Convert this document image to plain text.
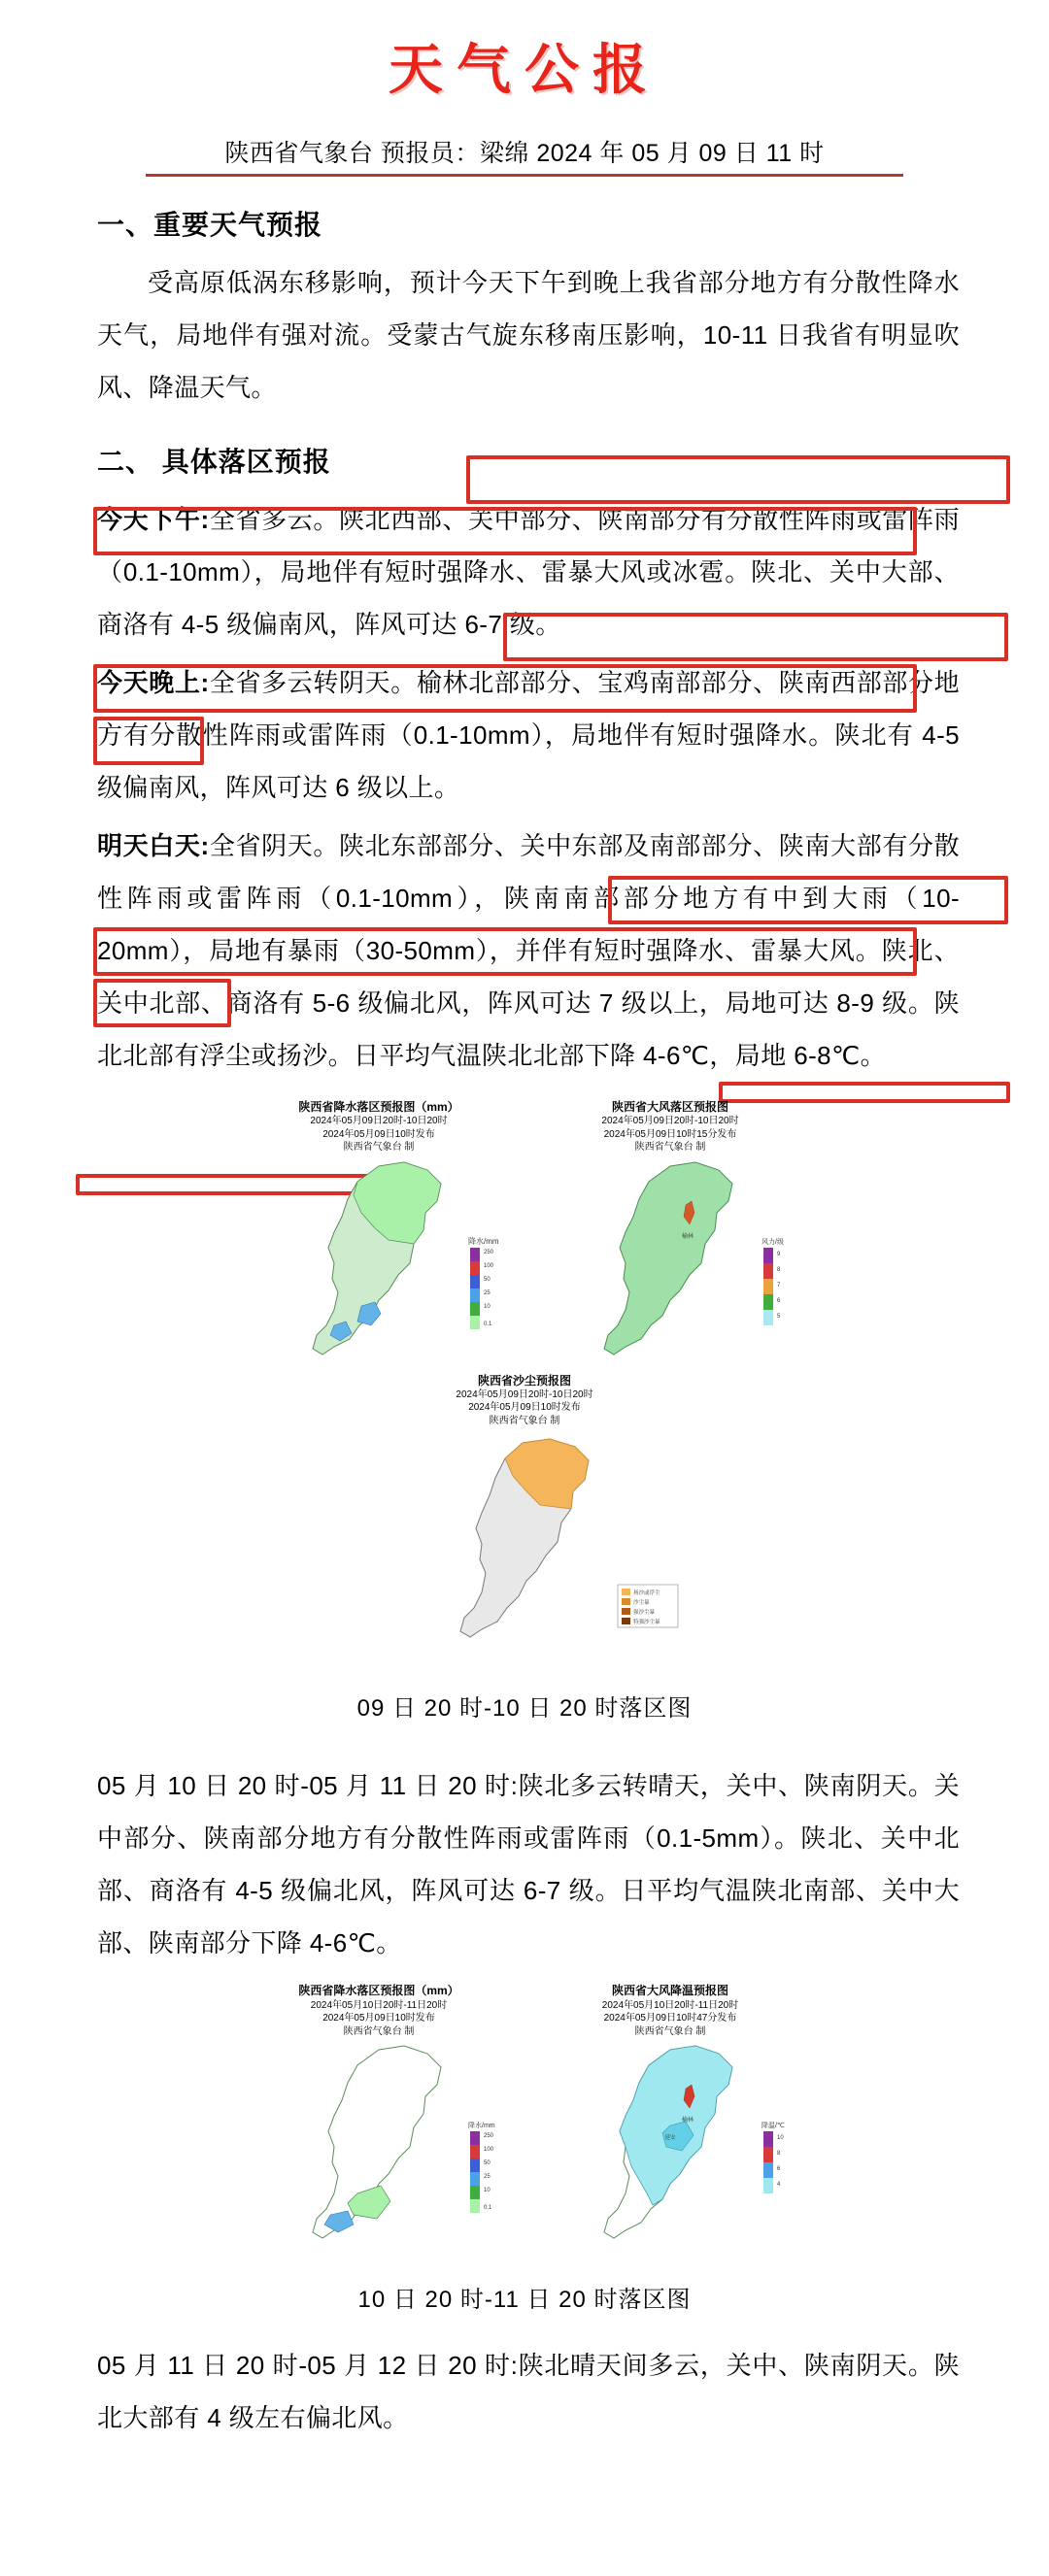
天气公报
陕西省气象台 预报员：梁绵 2024 年 05 月 09 日 11 时
一、重要天气预报

受高原低涡东移影响，预计今天下午到晚上我省部分地方有分散性降水天气，局地伴有强对流。受蒙古气旋东移南压影响，10-11 日我省有明显吹风、降温天气。

二、 具体落区预报

今天下午:全省多云。陕北西部、关中部分、陕南部分有分散性阵雨或雷阵雨（0.1-10mm），局地伴有短时强降水、雷暴大风或冰雹。陕北、关中大部、商洛有 4-5 级偏南风，阵风可达 6-7 级。

今天晚上:全省多云转阴天。榆林北部部分、宝鸡南部部分、陕南西部部分地方有分散性阵雨或雷阵雨（0.1-10mm），局地伴有短时强降水。陕北有 4-5 级偏南风，阵风可达 6 级以上。

明天白天:全省阴天。陕北东部部分、关中东部及南部部分、陕南大部有分散性阵雨或雷阵雨（0.1-10mm），陕南南部部分地方有中到大雨（10-20mm），局地有暴雨（30-50mm），并伴有短时强降水、雷暴大风。陕北、关中北部、商洛有 5-6 级偏北风，阵风可达 7 级以上，局地可达 8-9 级。陕北北部有浮尘或扬沙。日平均气温陕北北部下降 4-6℃，局地 6-8℃。

陕西省降水落区预报图（mm）
2024年05月09日20时-10日20时
2024年05月09日10时发布
陕西省气象台 制
降水/mm
250
100
50
25
10
0.1
陕西省大风落区预报图
2024年05月09日20时-10日20时
2024年05月09日10时15分发布
陕西省气象台 制
榆林
风力/级
9
8
7
6
5
陕西省沙尘预报图
2024年05月09日20时-10日20时
2024年05月09日10时发布
陕西省气象台 制
扬沙或浮尘
沙尘暴
强沙尘暴
特强沙尘暴
09 日 20 时-10 日 20 时落区图

05 月 10 日 20 时-05 月 11 日 20 时:陕北多云转晴天，关中、陕南阴天。关中部分、陕南部分地方有分散性阵雨或雷阵雨（0.1-5mm）。陕北、关中北部、商洛有 4-5 级偏北风，阵风可达 6-7 级。日平均气温陕北南部、关中大部、陕南部分下降 4-6℃。

陕西省降水落区预报图（mm）
2024年05月10日20时-11日20时
2024年05月09日10时发布
陕西省气象台 制
降水/mm
250
100
50
25
10
0.1
陕西省大风降温预报图
2024年05月10日20时-11日20时
2024年05月09日10时47分发布
陕西省气象台 制
榆林
延安
降温/℃
10
8
6
4
10 日 20 时-11 日 20 时落区图

05 月 11 日 20 时-05 月 12 日 20 时:陕北晴天间多云，关中、陕南阴天。陕北大部有 4 级左右偏北风。
